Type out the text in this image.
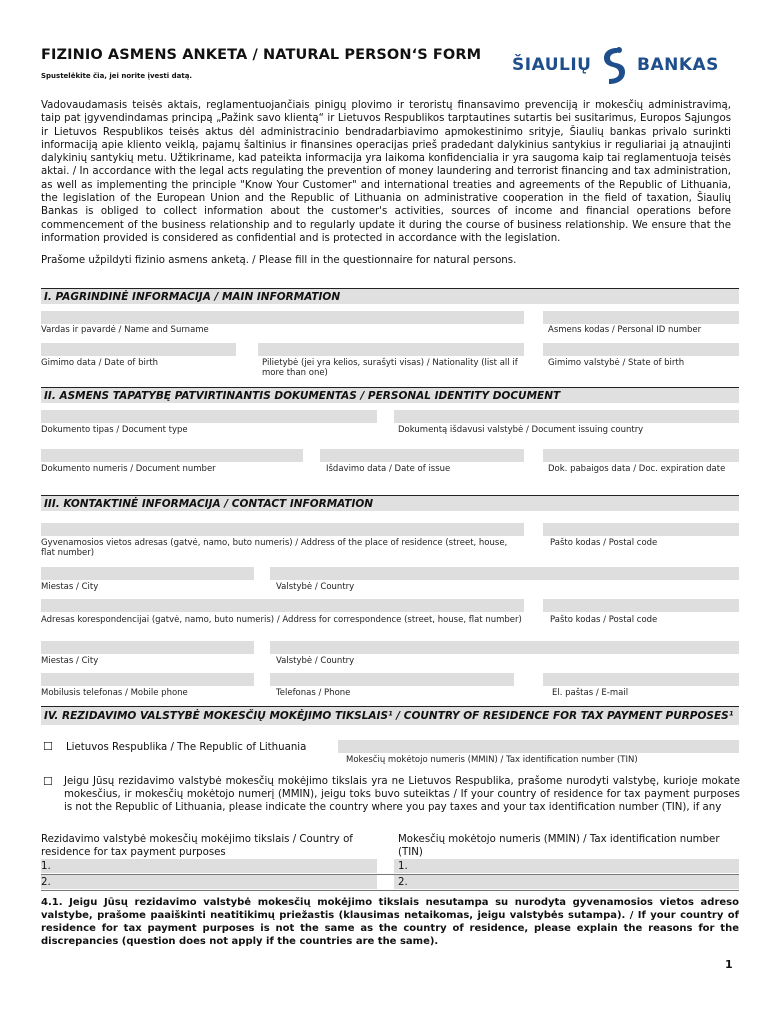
FIZINIO ASMENS ANKETA / NATURAL PERSON‘S FORM
Spustelėkite čia, jei norite įvesti datą.
ŠIAULIŲ	BANKAS
Vadovaudamasis teisės aktais, reglamentuojančiais pinigų plovimo ir teroristų finansavimo prevenciją ir mokesčių administravimą, taip pat įgyvendindamas principą „Pažink savo klientą“ ir Lietuvos Respublikos tarptautines sutartis bei susitarimus, Europos Sąjungos ir Lietuvos Respublikos teisės aktus dėl administracinio bendradarbiavimo apmokestinimo srityje, Šiaulių bankas privalo surinkti informaciją apie kliento veiklą, pajamų šaltinius ir finansines operacijas prieš pradedant dalykinius santykius ir reguliariai ją atnaujinti dalykinių santykių metu. Užtikriname, kad pateikta informacija yra laikoma konfidencialia ir yra saugoma kaip tai reglamentuoja teisės aktai. / In accordance with the legal acts regulating the prevention of money laundering and terrorist financing and tax administration, as well as implementing the principle "Know Your Customer" and international treaties and agreements of the Republic of Lithuania, the legislation of the European Union and the Republic of Lithuania on administrative cooperation in the field of taxation, Šiaulių Bankas is obliged to collect information about the customer's activities, sources of income and financial operations before commencement of the business relationship and to regularly update it during the course of business relationship. We ensure that the information provided is considered as confidential and is protected in accordance with the legislation.
Prašome užpildyti fizinio asmens anketą. / Please fill in the questionnaire for natural persons.
I. PAGRINDINĖ INFORMACIJA / MAIN INFORMATION
Vardas ir pavardė / Name and Surname	Asmens kodas / Personal ID number
Gimimo data / Date of birth	Pilietybė (jei yra kelios, surašyti visas) / Nationality (list all if more than one)
Gimimo valstybė / State of birth
II. ASMENS TAPATYBĘ PATVIRTINANTIS DOKUMENTAS / PERSONAL IDENTITY DOCUMENT
Dokumento tipas / Document type	Dokumentą išdavusi valstybė / Document issuing country
Dokumento numeris / Document number	Išdavimo data / Date of issue	Dok. pabaigos data / Doc. expiration date
III. KONTAKTINĖ INFORMACIJA / CONTACT INFORMATION
Gyvenamosios vietos adresas (gatvė, namo, buto numeris) / Address of the place of residence (street, house, flat number)
Pašto kodas / Postal code
Miestas / City	Valstybė / Country
Adresas korespondencijai (gatvė, namo, buto numeris) / Address for correspondence (street, house, flat number)	Pašto kodas / Postal code
Miestas / City	Valstybė / Country
Mobilusis telefonas / Mobile phone	Telefonas / Phone	El. paštas / E-mail
IV. REZIDAVIMO VALSTYBĖ MOKESČIŲ MOKĖJIMO TIKSLAIS¹ / COUNTRY OF RESIDENCE FOR TAX PAYMENT PURPOSES¹
☐ Lietuvos Respublika / The Republic of Lithuania
Mokesčių mokėtojo numeris (MMIN) / Tax identification number (TIN)
☐ Jeigu Jūsų rezidavimo valstybė mokesčių mokėjimo tikslais yra ne Lietuvos Respublika, prašome nurodyti valstybę, kurioje mokate mokesčius, ir mokesčių mokėtojo numerį (MMIN), jeigu toks buvo suteiktas / If your country of residence for tax payment purposes is not the Republic of Lithuania, please indicate the country where you pay taxes and your tax identification number (TIN), if any
Rezidavimo valstybė mokesčių mokėjimo tikslais / Country of residence for tax payment purposes
Mokesčių mokėtojo numeris (MMIN) / Tax identification number (TIN)
1.	1.
2.	2.
4.1. Jeigu Jūsų rezidavimo valstybė mokesčių mokėjimo tikslais nesutampa su nurodyta gyvenamosios vietos adreso valstybe, prašome paaiškinti neatitikimų priežastis (klausimas netaikomas, jeigu valstybės sutampa). / If your country of residence for tax payment purposes is not the same as the country of residence, please explain the reasons for the discrepancies (question does not apply if the countries are the same).
1
